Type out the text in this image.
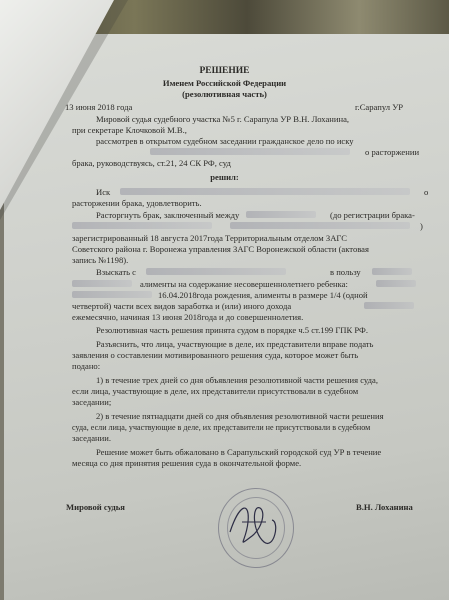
РЕШЕНИЕ
Именем Российской Федерации
(резолютивная часть)
13 июня 2018 года	г.Сарапул УР
Мировой судья судебного участка №5 г. Сарапула УР В.Н. Лоханина,
при секретаре Клочковой М.В.,
рассмотрев в открытом судебном заседании гражданское дело по иску
о расторжении
брака, руководствуясь, ст.21, 24 СК РФ, суд
решил:
Иск	о
расторжении брака, удовлетворить.
Расторгнуть брак, заключенный между	(до регистрации брака-
)
зарегистрированный 18 августа 2017года Территориальным отделом ЗАГС
Советского района г. Воронежа управления ЗАГС Воронежской области (актовая
запись №1198).
Взыскать с	в пользу
алименты на содержание несовершеннолетнего ребенка:
16.04.2018года рождения, алименты в размере 1/4 (одной
четвертой) части всех видов заработка и (или) иного дохода
ежемесячно, начиная 13 июня 2018года и до совершеннолетия.
Резолютивная часть решения принята судом в порядке ч.5 ст.199 ГПК РФ.
Разъяснить, что лица, участвующие в деле, их представители вправе подать
заявления о составлении мотивированного решения суда, которое может быть
подано:
1) в течение трех дней со дня объявления резолютивной части решения суда,
если лица, участвующие в деле, их представители присутствовали в судебном
заседании;
2) в течение пятнадцати дней со дня объявления резолютивной части решения
суда, если лица, участвующие в деле, их представители не присутствовали в судебном
заседании.
Решение может быть обжаловано в Сарапульский городской суд УР в течение
месяца со дня принятия решения суда в окончательной форме.
Мировой судья	В.Н. Лоханина
